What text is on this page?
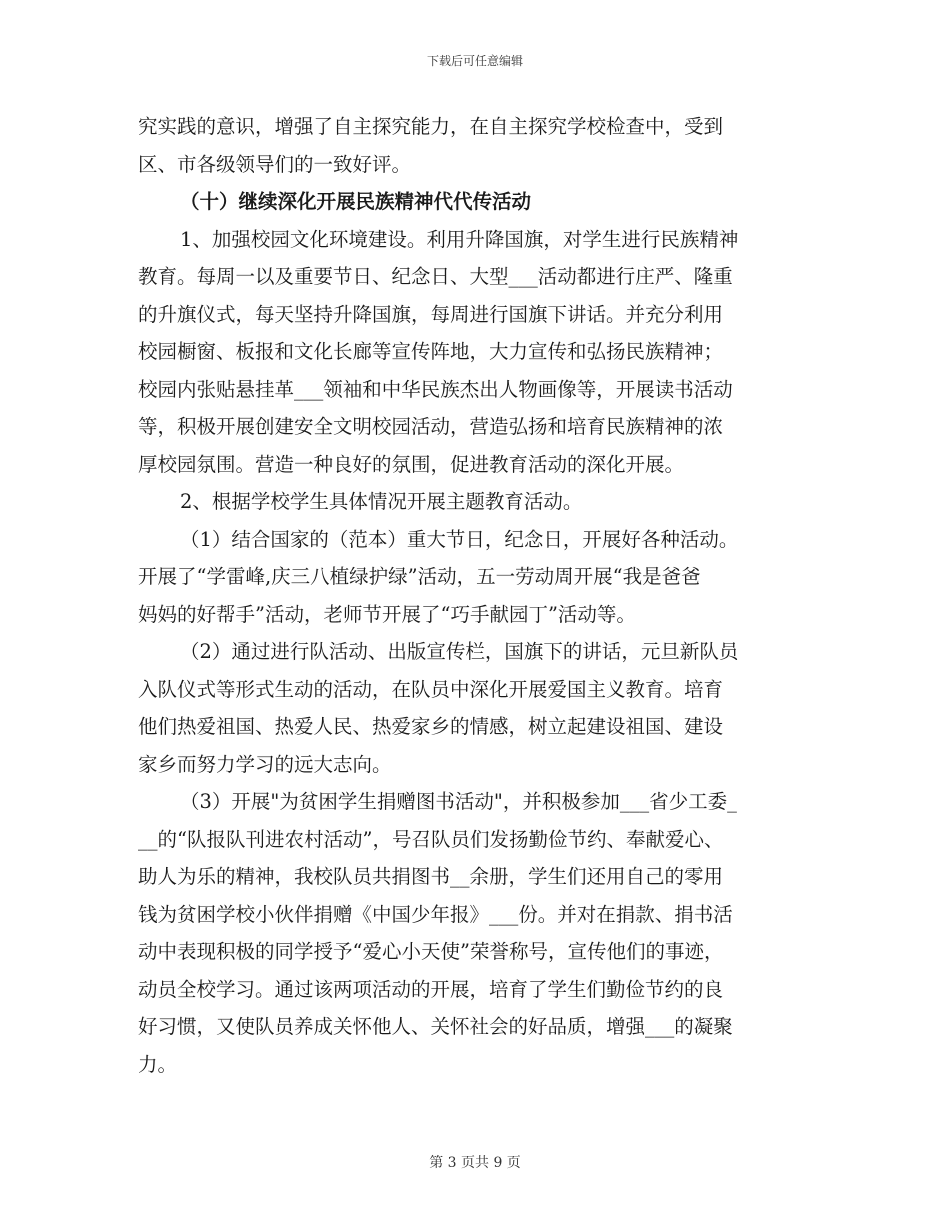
下载后可任意编辑
究实践的意识，增强了自主探究能力，在自主探究学校检查中，受到
区、市各级领导们的一致好评。
（十）继续深化开展民族精神代代传活动
1、加强校园文化环境建设。利用升降国旗，对学生进行民族精神
教育。每周一以及重要节日、纪念日、大型___活动都进行庄严、隆重
的升旗仪式，每天坚持升降国旗，每周进行国旗下讲话。并充分利用
校园橱窗、板报和文化长廊等宣传阵地，大力宣传和弘扬民族精神；
校园内张贴悬挂革___领袖和中华民族杰出人物画像等，开展读书活动
等，积极开展创建安全文明校园活动，营造弘扬和培育民族精神的浓
厚校园氛围。营造一种良好的氛围，促进教育活动的深化开展。
2、根据学校学生具体情况开展主题教育活动。
（1）结合国家的（范本）重大节日，纪念日，开展好各种活动。
开展了“学雷峰,庆三八植绿护绿”活动，五一劳动周开展“我是爸爸
妈妈的好帮手”活动，老师节开展了“巧手献园丁”活动等。
（2）通过进行队活动、出版宣传栏，国旗下的讲话，元旦新队员
入队仪式等形式生动的活动，在队员中深化开展爱国主义教育。培育
他们热爱祖国、热爱人民、热爱家乡的情感，树立起建设祖国、建设
家乡而努力学习的远大志向。
（3）开展"为贫困学生捐赠图书活动"，并积极参加___省少工委_
__的“队报队刊进农村活动”，号召队员们发扬勤俭节约、奉献爱心、
助人为乐的精神，我校队员共捐图书__余册，学生们还用自己的零用
钱为贫困学校小伙伴捐赠《中国少年报》___份。并对在捐款、捐书活
动中表现积极的同学授予“爱心小天使”荣誉称号，宣传他们的事迹，
动员全校学习。通过该两项活动的开展，培育了学生们勤俭节约的良
好习惯，又使队员养成关怀他人、关怀社会的好品质，增强___的凝聚
力。
第 3 页共 9 页
